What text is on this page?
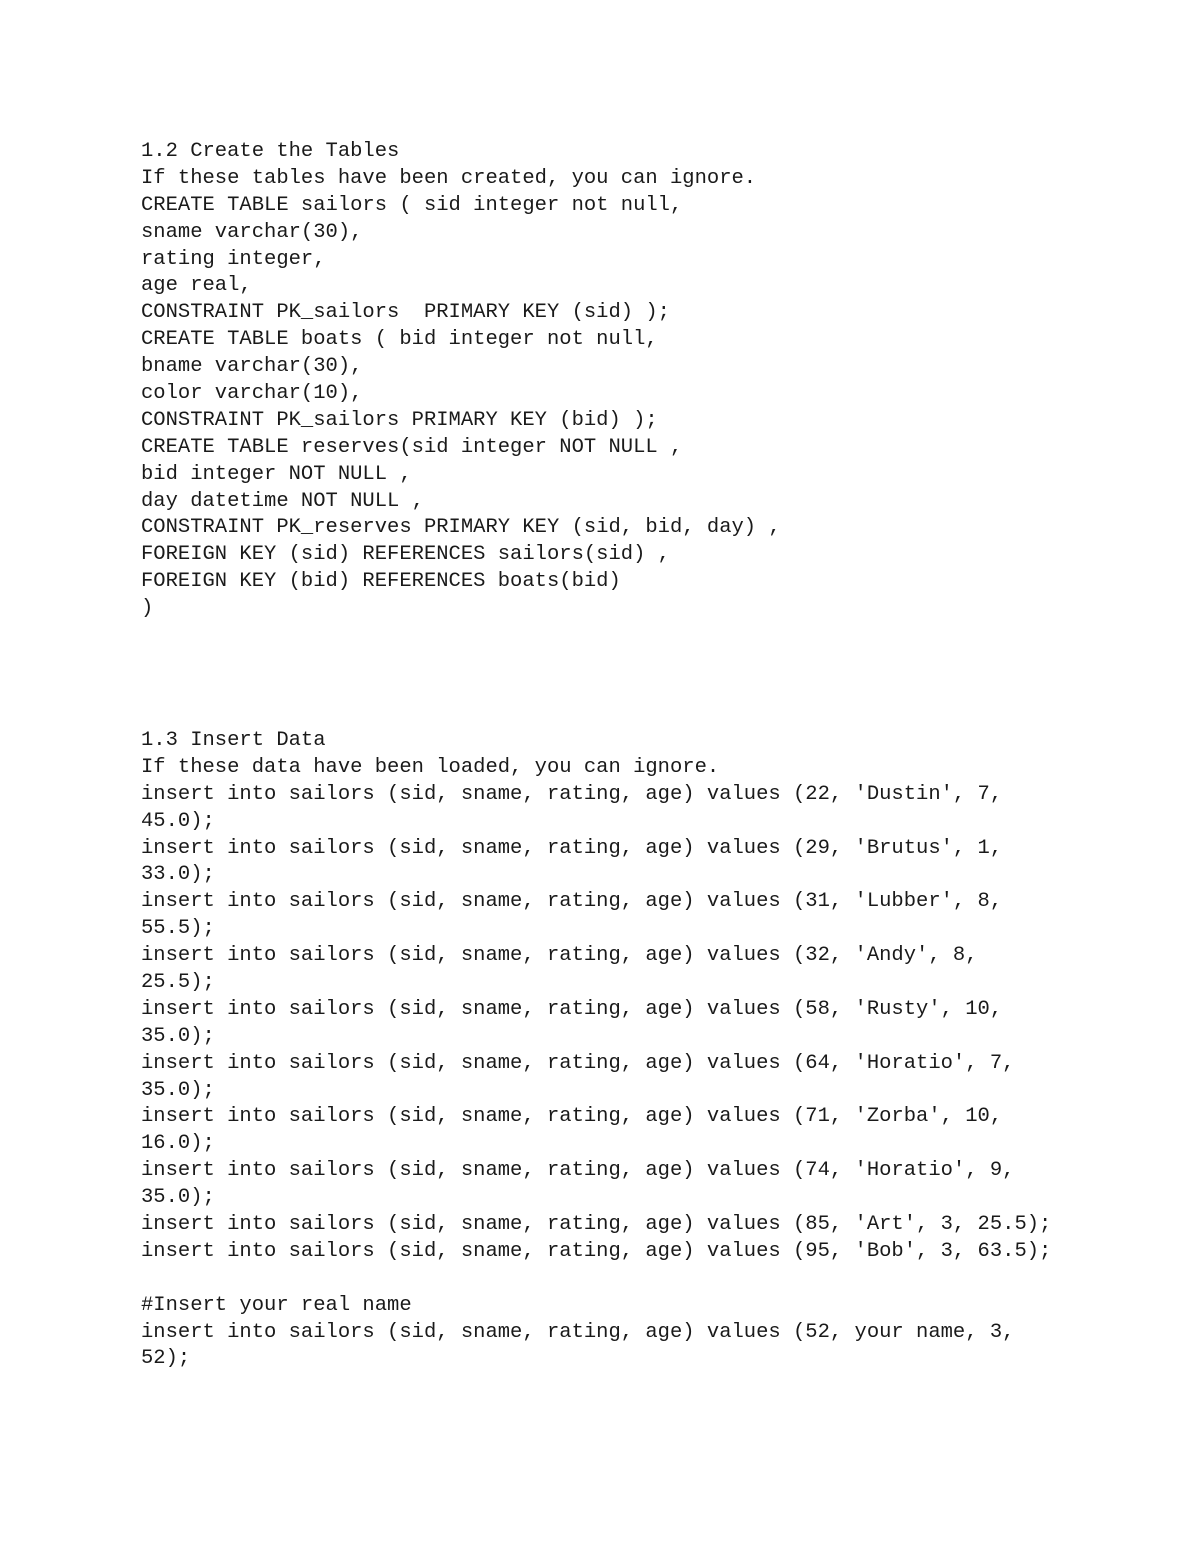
1.2 Create the Tables
If these tables have been created, you can ignore.
CREATE TABLE sailors ( sid integer not null,
sname varchar(30),
rating integer,
age real,
CONSTRAINT PK_sailors  PRIMARY KEY (sid) );
CREATE TABLE boats ( bid integer not null,
bname varchar(30),
color varchar(10),
CONSTRAINT PK_sailors PRIMARY KEY (bid) );
CREATE TABLE reserves(sid integer NOT NULL ,
bid integer NOT NULL ,
day datetime NOT NULL ,
CONSTRAINT PK_reserves PRIMARY KEY (sid, bid, day) ,
FOREIGN KEY (sid) REFERENCES sailors(sid) ,
FOREIGN KEY (bid) REFERENCES boats(bid)
)
1.3 Insert Data
If these data have been loaded, you can ignore.
insert into sailors (sid, sname, rating, age) values (22, 'Dustin', 7,
45.0);
insert into sailors (sid, sname, rating, age) values (29, 'Brutus', 1,
33.0);
insert into sailors (sid, sname, rating, age) values (31, 'Lubber', 8,
55.5);
insert into sailors (sid, sname, rating, age) values (32, 'Andy', 8,
25.5);
insert into sailors (sid, sname, rating, age) values (58, 'Rusty', 10,
35.0);
insert into sailors (sid, sname, rating, age) values (64, 'Horatio', 7,
35.0);
insert into sailors (sid, sname, rating, age) values (71, 'Zorba', 10,
16.0);
insert into sailors (sid, sname, rating, age) values (74, 'Horatio', 9,
35.0);
insert into sailors (sid, sname, rating, age) values (85, 'Art', 3, 25.5);
insert into sailors (sid, sname, rating, age) values (95, 'Bob', 3, 63.5);
#Insert your real name
insert into sailors (sid, sname, rating, age) values (52, your name, 3,
52);
